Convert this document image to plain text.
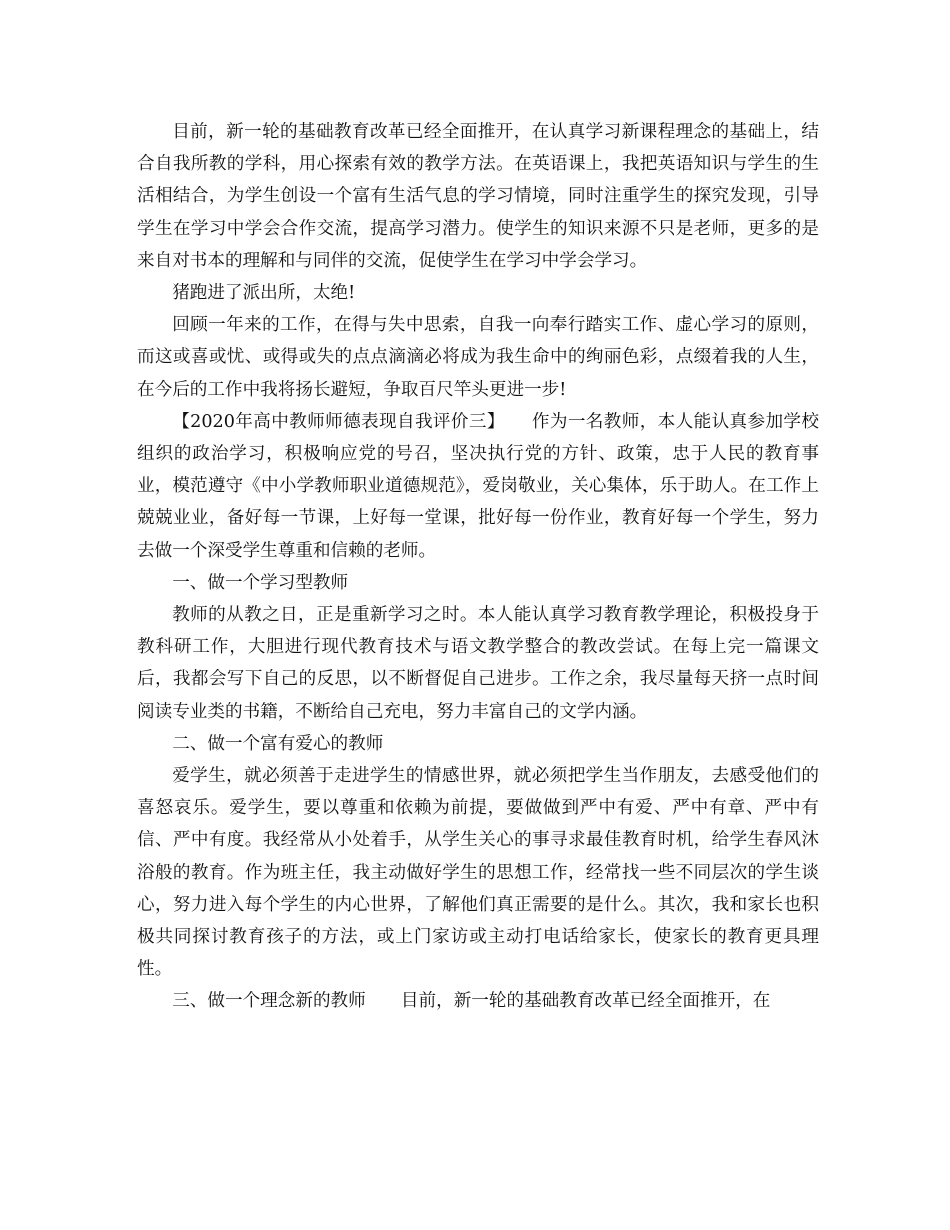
目前，新一轮的基础教育改革已经全面推开，在认真学习新课程理念的基础上，结合自我所教的学科，用心探索有效的教学方法。在英语课上，我把英语知识与学生的生活相结合，为学生创设一个富有生活气息的学习情境，同时注重学生的探究发现，引导学生在学习中学会合作交流，提高学习潜力。使学生的知识来源不只是老师，更多的是来自对书本的理解和与同伴的交流，促使学生在学习中学会学习。

猪跑进了派出所，太绝!

回顾一年来的工作，在得与失中思索，自我一向奉行踏实工作、虚心学习的原则，而这或喜或忧、或得或失的点点滴滴必将成为我生命中的绚丽色彩，点缀着我的人生，在今后的工作中我将扬长避短，争取百尺竿头更进一步!

【2020年高中教师师德表现自我评价三】　　作为一名教师，本人能认真参加学校组织的政治学习，积极响应党的号召，坚决执行党的方针、政策，忠于人民的教育事业，模范遵守《中小学教师职业道德规范》，爱岗敬业，关心集体，乐于助人。在工作上兢兢业业，备好每一节课，上好每一堂课，批好每一份作业，教育好每一个学生，努力去做一个深受学生尊重和信赖的老师。

一、做一个学习型教师

教师的从教之日，正是重新学习之时。本人能认真学习教育教学理论，积极投身于教科研工作，大胆进行现代教育技术与语文教学整合的教改尝试。在每上完一篇课文后，我都会写下自己的反思，以不断督促自己进步。工作之余，我尽量每天挤一点时间阅读专业类的书籍，不断给自己充电，努力丰富自己的文学内涵。

二、做一个富有爱心的教师

爱学生，就必须善于走进学生的情感世界，就必须把学生当作朋友，去感受他们的喜怒哀乐。爱学生，要以尊重和依赖为前提，要做做到严中有爱、严中有章、严中有信、严中有度。我经常从小处着手，从学生关心的事寻求最佳教育时机，给学生春风沐浴般的教育。作为班主任，我主动做好学生的思想工作，经常找一些不同层次的学生谈心，努力进入每个学生的内心世界，了解他们真正需要的是什么。其次，我和家长也积极共同探讨教育孩子的方法，或上门家访或主动打电话给家长，使家长的教育更具理性。

三、做一个理念新的教师　　目前，新一轮的基础教育改革已经全面推开，在
